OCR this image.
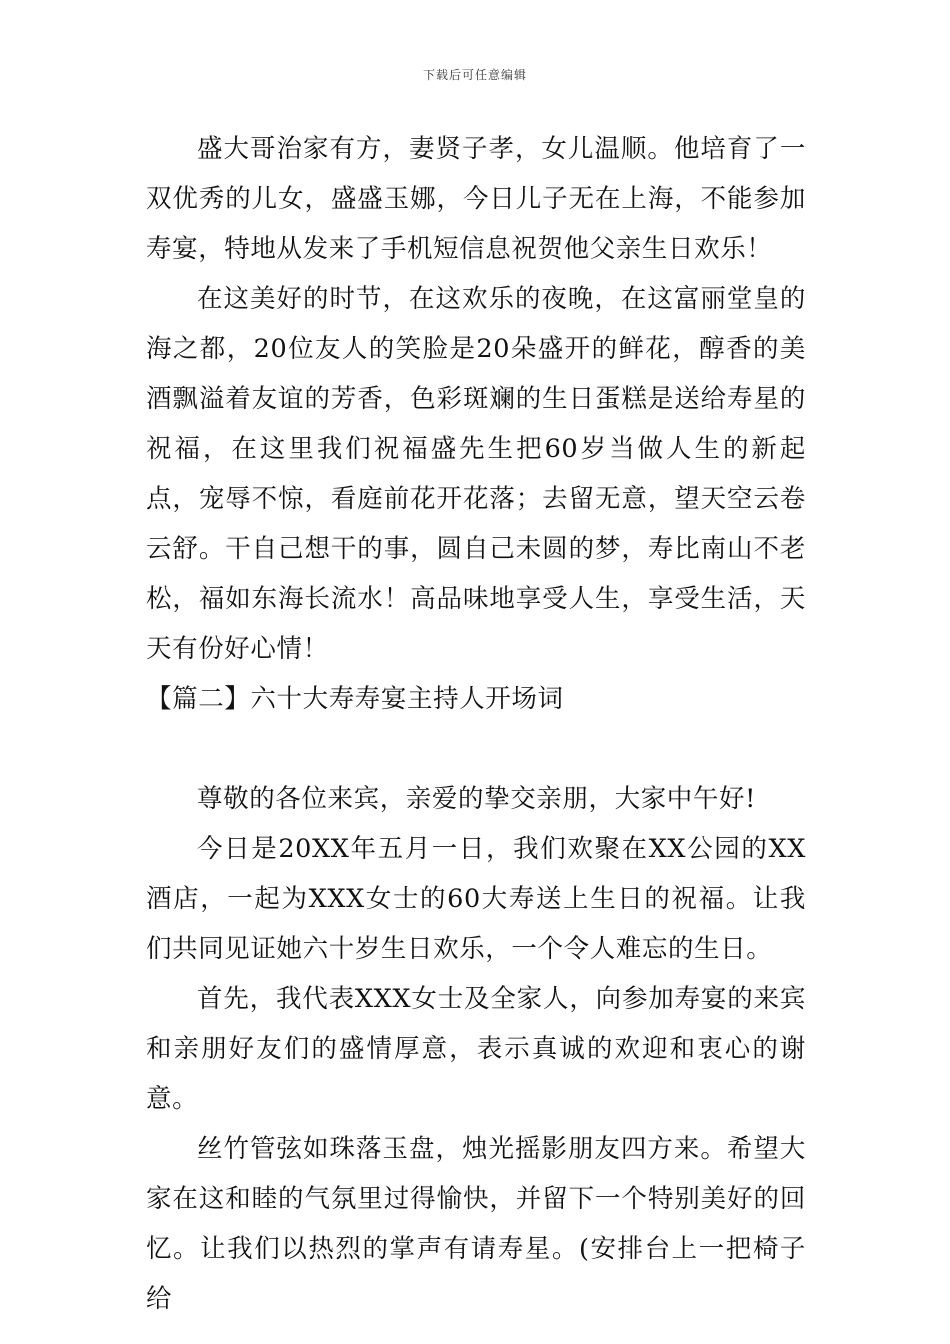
下载后可任意编辑

盛大哥治家有方，妻贤子孝，女儿温顺。他培育了一双优秀的儿女，盛盛玉娜，今日儿子无在上海，不能参加寿宴，特地从发来了手机短信息祝贺他父亲生日欢乐！

在这美好的时节，在这欢乐的夜晚，在这富丽堂皇的海之都，20位友人的笑脸是20朵盛开的鲜花，醇香的美酒飘溢着友谊的芳香，色彩斑斓的生日蛋糕是送给寿星的祝福，在这里我们祝福盛先生把60岁当做人生的新起点，宠辱不惊，看庭前花开花落；去留无意，望天空云卷云舒。干自己想干的事，圆自己未圆的梦，寿比南山不老松，福如东海长流水！高品味地享受人生，享受生活，天天有份好心情！

【篇二】六十大寿寿宴主持人开场词

尊敬的各位来宾，亲爱的挚交亲朋，大家中午好!

今日是20XX年五月一日，我们欢聚在XX公园的XX酒店，一起为XXX女士的60大寿送上生日的祝福。让我们共同见证她六十岁生日欢乐，一个令人难忘的生日。

首先，我代表XXX女士及全家人，向参加寿宴的来宾和亲朋好友们的盛情厚意，表示真诚的欢迎和衷心的谢意。

丝竹管弦如珠落玉盘，烛光摇影朋友四方来。希望大家在这和睦的气氛里过得愉快，并留下一个特别美好的回忆。让我们以热烈的掌声有请寿星。(安排台上一把椅子给
